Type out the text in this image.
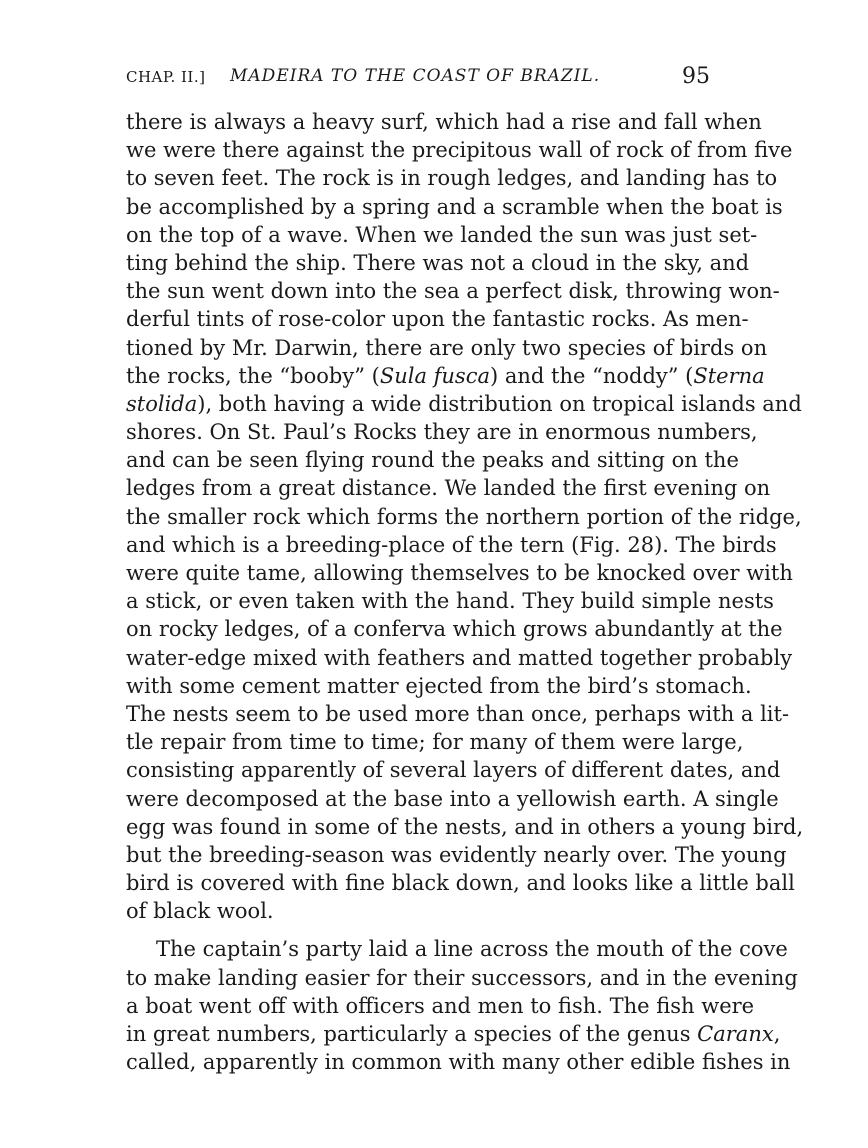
CHAP. II.] MADEIRA TO THE COAST OF BRAZIL.	95
there is always a heavy surf, which had a rise and fall when
we were there against the precipitous wall of rock of from five
to seven feet. The rock is in rough ledges, and landing has to
be accomplished by a spring and a scramble when the boat is
on the top of a wave. When we landed the sun was just set-
ting behind the ship. There was not a cloud in the sky, and
the sun went down into the sea a perfect disk, throwing won-
derful tints of rose-color upon the fantastic rocks. As men-
tioned by Mr. Darwin, there are only two species of birds on
the rocks, the “booby” (Sula fusca) and the “noddy” (Sterna
stolida), both having a wide distribution on tropical islands and
shores. On St. Paul’s Rocks they are in enormous numbers,
and can be seen flying round the peaks and sitting on the
ledges from a great distance. We landed the first evening on
the smaller rock which forms the northern portion of the ridge,
and which is a breeding-place of the tern (Fig. 28). The birds
were quite tame, allowing themselves to be knocked over with
a stick, or even taken with the hand. They build simple nests
on rocky ledges, of a conferva which grows abundantly at the
water-edge mixed with feathers and matted together probably
with some cement matter ejected from the bird’s stomach.
The nests seem to be used more than once, perhaps with a lit-
tle repair from time to time; for many of them were large,
consisting apparently of several layers of different dates, and
were decomposed at the base into a yellowish earth. A single
egg was found in some of the nests, and in others a young bird,
but the breeding-season was evidently nearly over. The young
bird is covered with fine black down, and looks like a little ball
of black wool.
The captain’s party laid a line across the mouth of the cove
to make landing easier for their successors, and in the evening
a boat went off with officers and men to fish. The fish were
in great numbers, particularly a species of the genus Caranx,
called, apparently in common with many other edible fishes in
